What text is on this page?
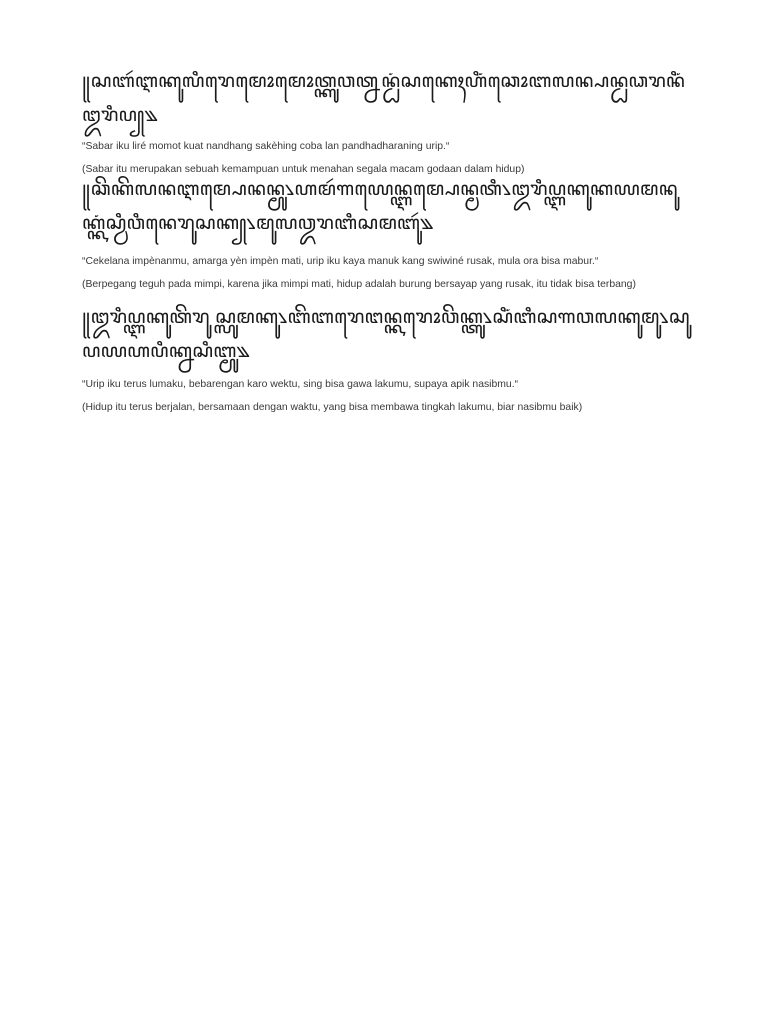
꧋ꦱꦧꦂꦆꦏꦸꦭꦶꦫꦺꦩꦺꦴꦩꦺꦴꦠ꧀ꦏꦸꦮꦠ꧀ꦤꦤ꧀ꦝꦁꦱꦏꦺꦃꦲꦶꦁꦕꦺꦴꦧꦭꦤ꧀ꦥꦤ꧀ꦝꦣꦫꦤꦶꦁꦈꦫꦶꦥ꧀꧉

“Sabar iku liré momot kuat nandhang sakèhing coba lan pandhadharaning urip.“

(Sabar itu merupakan sebuah kemampuan untuk menahan segala macam godaan dalam hidup)

꧋ꦕꦼꦏꦼꦭꦤꦆꦩ꧀ꦥꦺꦤꦤ꧀ꦩꦸ꧈ꦲꦩꦂꦒꦪꦺꦤ꧀ꦆꦩ꧀ꦥꦺꦤ꧀ꦩꦠꦶ꧈ꦈꦫꦶꦥ꧀ꦆꦏꦸꦏꦪꦩꦤꦸꦏ꧀ꦏꦁꦱ꧀ꦮꦶꦮꦶꦤꦺꦫꦸꦱꦏ꧀꧈ꦩꦸꦭꦎꦫꦧꦶꦱꦩꦧꦸꦂ꧉

“Cekelana impènanmu, amarga yèn impèn mati, urip iku kaya manuk kang swiwiné rusak, mula ora bisa mabur.“

(Berpegang teguh pada mimpi, karena jika mimpi mati, hidup adalah burung bersayap yang rusak, itu tidak bisa terbang)

꧋ꦈꦫꦶꦥ꧀ꦆꦏꦸꦠꦼꦫꦸꦱ꧀ꦭꦸꦩꦏꦸ꧈ꦧꦼꦧꦫꦺꦔꦤ꧀ꦏꦫꦺꦴꦮꦼꦏ꧀ꦠꦸ꧈ꦱꦶꦁꦧꦶꦱꦒꦮꦭꦏꦸꦩꦸ꧈ꦱꦸꦥꦪꦲꦥꦶꦏ꧀ꦤꦱꦶꦧ꧀ꦩꦸ꧉

“Urip iku terus lumaku, bebarengan karo wektu, sing bisa gawa lakumu, supaya apik nasibmu.“

(Hidup itu terus berjalan, bersamaan dengan waktu, yang bisa membawa tingkah lakumu, biar nasibmu baik)
